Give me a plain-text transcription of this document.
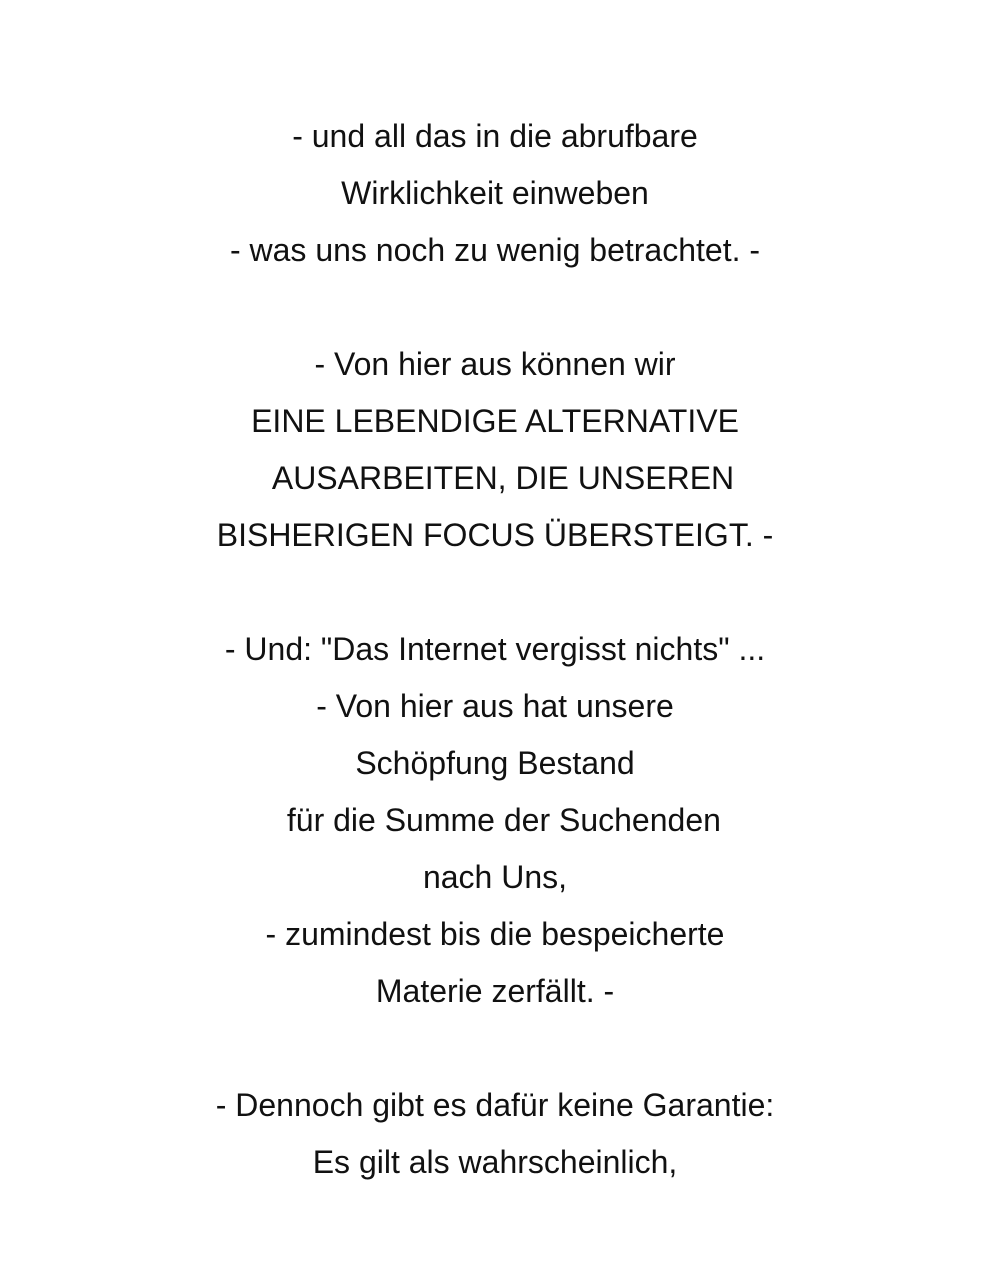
- und all das in die abrufbare
Wirklichkeit einweben
- was uns noch zu wenig betrachtet. -
- Von hier aus können wir
EINE LEBENDIGE ALTERNATIVE
AUSARBEITEN, DIE UNSEREN
BISHERIGEN FOCUS ÜBERSTEIGT. -
- Und: "Das Internet vergisst nichts" ...
- Von hier aus hat unsere
Schöpfung Bestand
für die Summe der Suchenden
nach Uns,
- zumindest bis die bespeicherte
Materie zerfällt. -
- Dennoch gibt es dafür keine Garantie:
Es gilt als wahrscheinlich,
